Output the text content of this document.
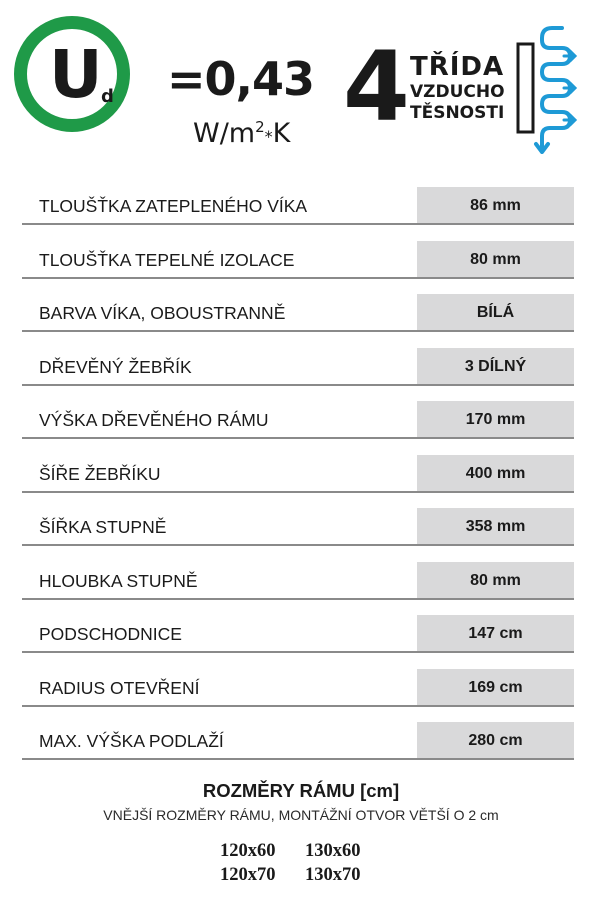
U
d =0,43
$W/m^2*K$ 4 TŘÍDA
VZDUCHO
TĚSNOSTI
TLOUŠŤKA ZATEPLENÉHO VÍKA	86 mm
TLOUŠŤKA TEPELNÉ IZOLACE	80 mm
BARVA VÍKA, OBOUSTRANNĚ	BÍLÁ
DŘEVĚNÝ ŽEBŘÍK	3 DÍLNÝ
VÝŠKA DŘEVĚNÉHO RÁMU	170 mm
ŠÍŘE ŽEBŘÍKU	400 mm
ŠÍŘKA STUPNĚ	358 mm
HLOUBKA STUPNĚ	80 mm
PODSCHODNICE	147 cm
RADIUS OTEVŘENÍ	169 cm
MAX. VÝŠKA PODLAŽÍ	280 cm
ROZMĚRY RÁMU [cm]
VNĚJŠÍ ROZMĚRY RÁMU, MONTÁŽNÍ OTVOR VĚTŠÍ O 2 cm
120x60	130x60
120x70	130x70
